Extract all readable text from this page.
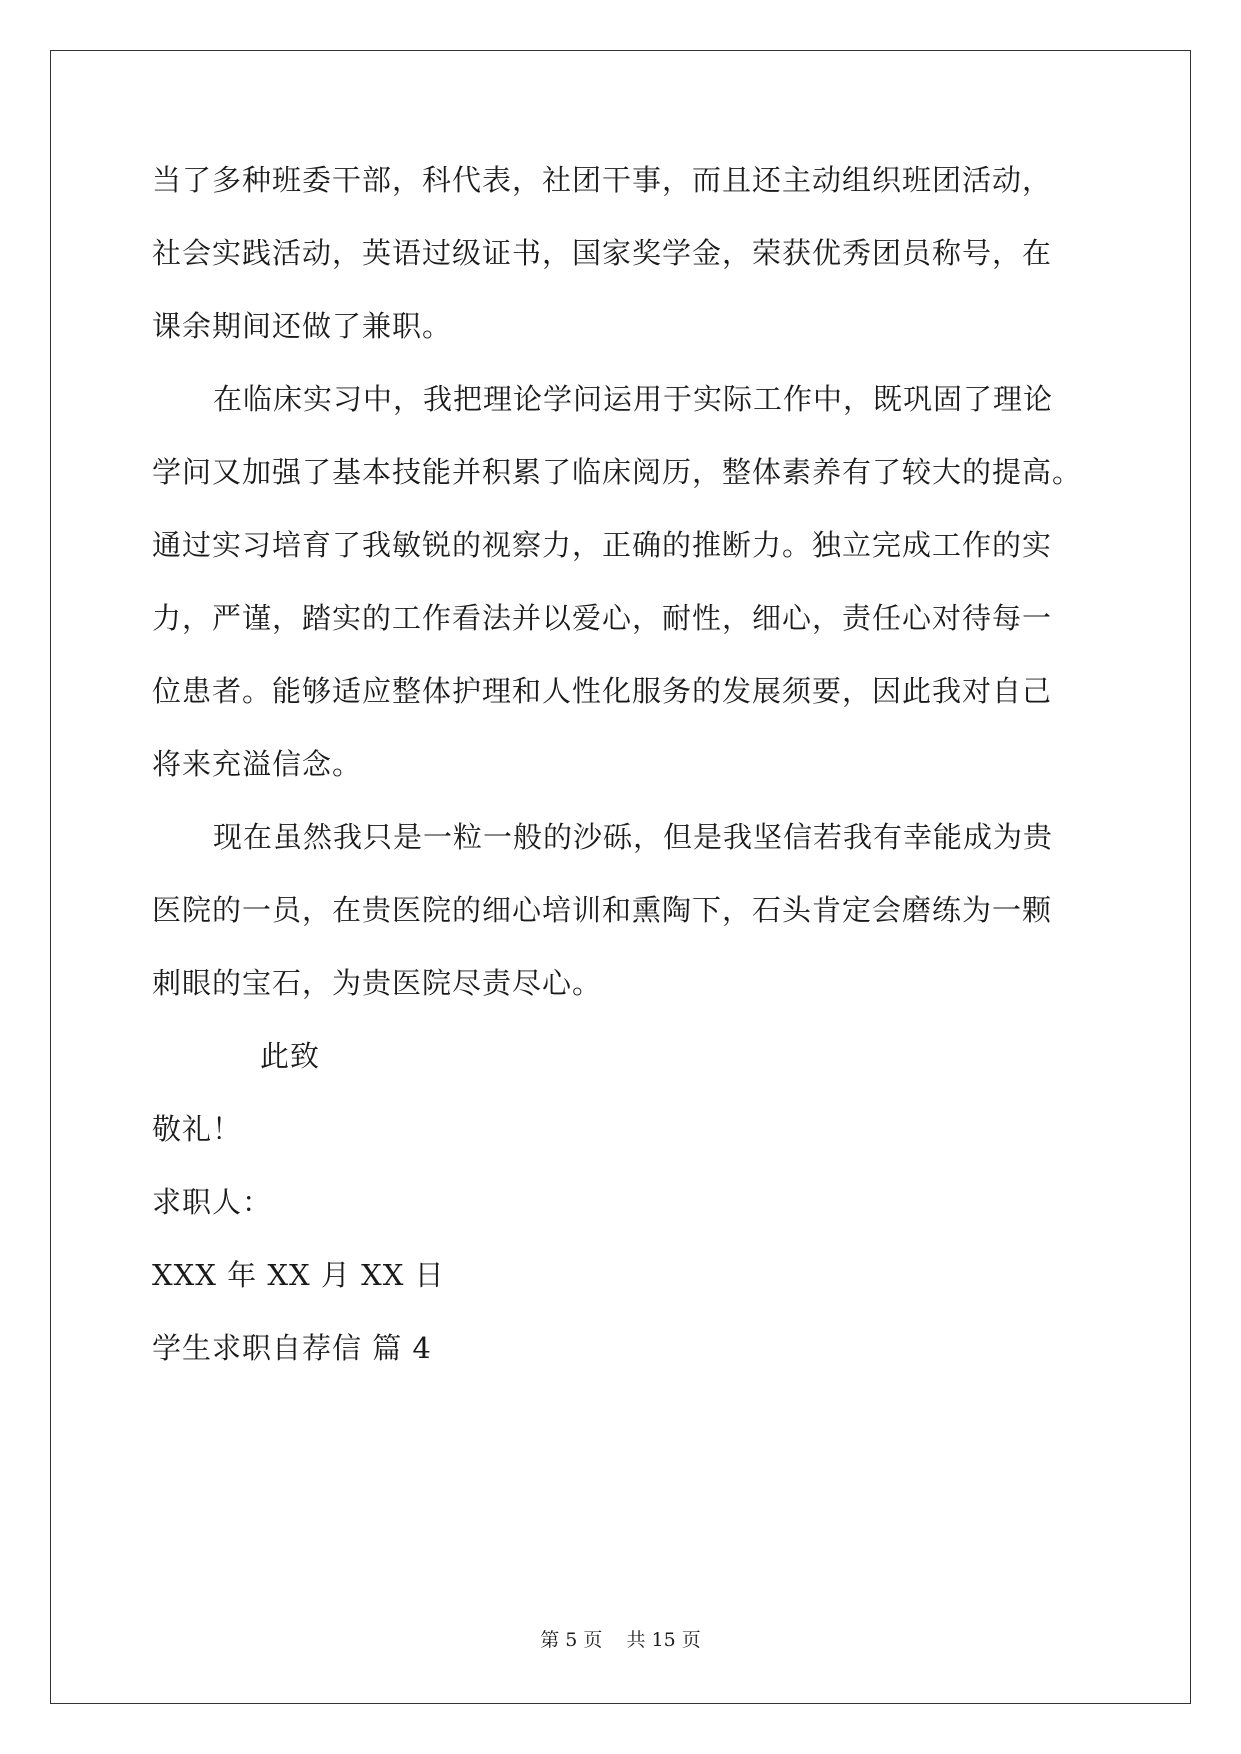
当了多种班委干部，科代表，社团干事，而且还主动组织班团活动，
社会实践活动，英语过级证书，国家奖学金，荣获优秀团员称号，在
课余期间还做了兼职。
在临床实习中，我把理论学问运用于实际工作中，既巩固了理论
学问又加强了基本技能并积累了临床阅历，整体素养有了较大的提高。
通过实习培育了我敏锐的视察力，正确的推断力。独立完成工作的实
力，严谨，踏实的工作看法并以爱心，耐性，细心，责任心对待每一
位患者。能够适应整体护理和人性化服务的发展须要，因此我对自己
将来充溢信念。
现在虽然我只是一粒一般的沙砾，但是我坚信若我有幸能成为贵
医院的一员，在贵医院的细心培训和熏陶下，石头肯定会磨练为一颗
刺眼的宝石，为贵医院尽责尽心。
此致
敬礼！
求职人：
XXX 年 XX 月 XX 日
学生求职自荐信 篇 4
第 5 页 共 15 页
